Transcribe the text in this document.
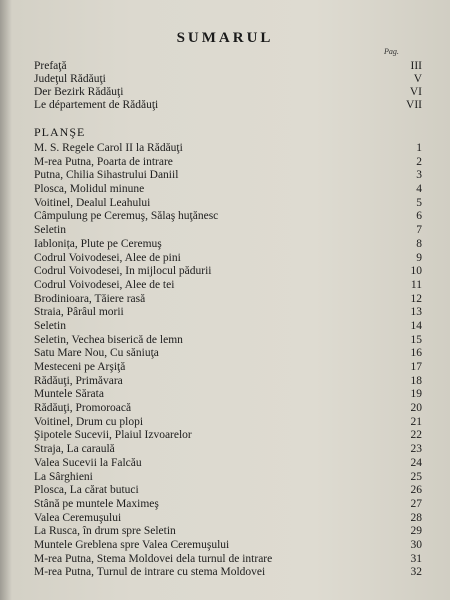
SUMARUL
Pag.
Prefaţă	III
Judeţul Rădăuţi	V
Der Bezirk Rădăuţi	VI
Le département de Rădăuţi	VII
PLANŞE
M. S. Regele Carol II la Rădăuţi	1
M-rea Putna, Poarta de intrare	2
Putna, Chilia Sihastrului Daniil	3
Plosca, Molidul minune	4
Voitinel, Dealul Leahului	5
Câmpulung pe Ceremuş, Sălaş huţănesc	6
Seletin	7
Iablonița, Plute pe Ceremuş	8
Codrul Voivodesei, Alee de pini	9
Codrul Voivodesei, In mijlocul pădurii	10
Codrul Voivodesei, Alee de tei	11
Brodinioara, Tăiere rasă	12
Straia, Pârâul morii	13
Seletin	14
Seletin, Vechea biserică de lemn	15
Satu Mare Nou, Cu săniuţa	16
Mesteceni pe Arşiţă	17
Rădăuţi, Primăvara	18
Muntele Sărata	19
Rădăuţi, Promoroacă	20
Voitinel, Drum cu plopi	21
Şipotele Sucevii, Plaiul Izvoarelor	22
Straja, La caraulă	23
Valea Sucevii la Falcău	24
La Sârghieni	25
Plosca, La cărat butuci	26
Stână pe muntele Maximeş	27
Valea Ceremuşului	28
La Rusca, în drum spre Seletin	29
Muntele Greblena spre Valea Ceremuşului	30
M-rea Putna, Stema Moldovei dela turnul de intrare	31
M-rea Putna, Turnul de intrare cu stema Moldovei	32
